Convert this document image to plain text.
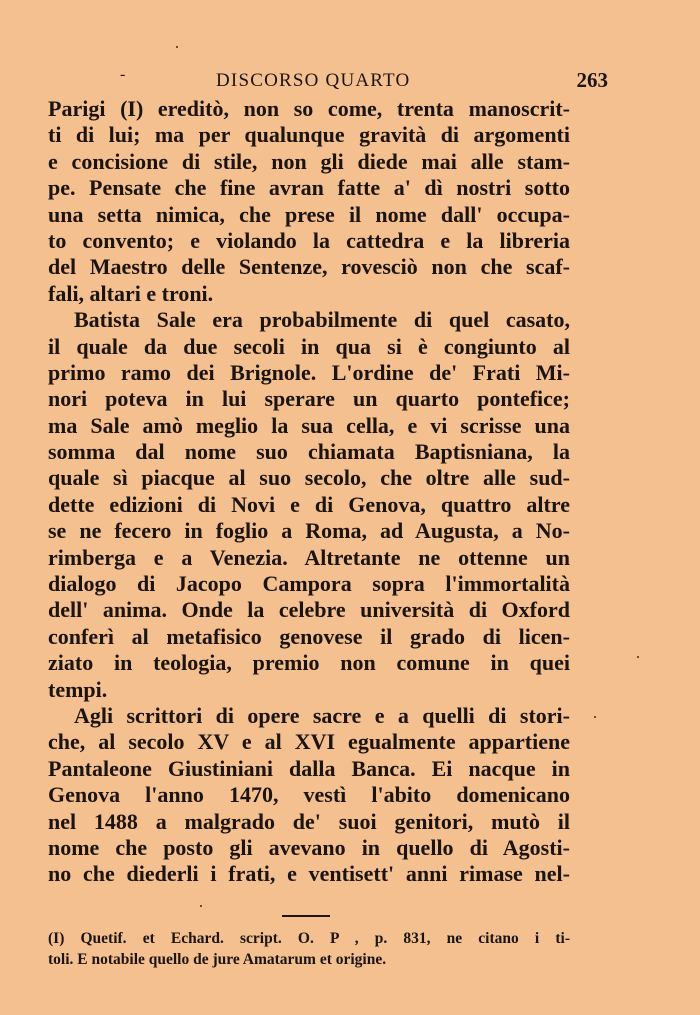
-	DISCORSO QUARTO	263
Parigi (I) ereditò, non so come, trenta manoscrit-
ti di lui; ma per qualunque gravità di argomenti
e concisione di stile, non gli diede mai alle stam-
pe. Pensate che fine avran fatte a' dì nostri sotto
una setta nimica, che prese il nome dall' occupa-
to convento; e violando la cattedra e la libreria
del Maestro delle Sentenze, rovesciò non che scaf-
fali, altari e troni.
Batista Sale era probabilmente di quel casato,
il quale da due secoli in qua si è congiunto al
primo ramo dei Brignole. L'ordine de' Frati Mi-
nori poteva in lui sperare un quarto pontefice;
ma Sale amò meglio la sua cella, e vi scrisse una
somma dal nome suo chiamata Baptisniana, la
quale sì piacque al suo secolo, che oltre alle sud-
dette edizioni di Novi e di Genova, quattro altre
se ne fecero in foglio a Roma, ad Augusta, a No-
rimberga e a Venezia. Altretante ne ottenne un
dialogo di Jacopo Campora sopra l'immortalità
dell' anima. Onde la celebre università di Oxford
conferì al metafisico genovese il grado di licen-
ziato in teologia, premio non comune in quei
tempi.
Agli scrittori di opere sacre e a quelli di stori-
che, al secolo XV e al XVI egualmente appartiene
Pantaleone Giustiniani dalla Banca. Ei nacque in
Genova l'anno 1470, vestì l'abito domenicano
nel 1488 a malgrado de' suoi genitori, mutò il
nome che posto gli avevano in quello di Agosti-
no che diederli i frati, e ventisett' anni rimase nel-
(I) Quetif. et Echard. script. O. P , p. 831, ne citano i ti-
toli. E notabile quello de jure Amatarum et origine.
